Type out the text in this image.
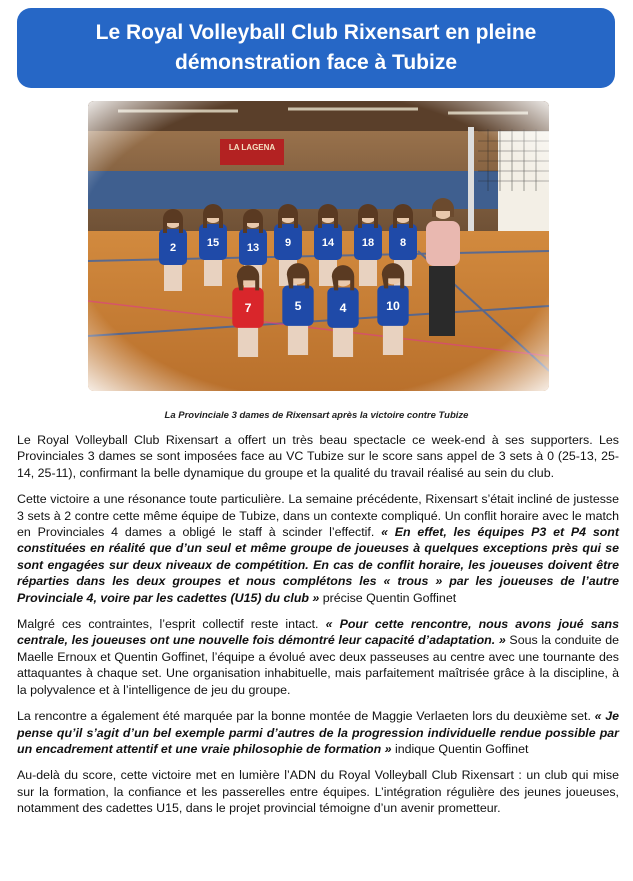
Le Royal Volleyball Club Rixensart en pleine
démonstration face à Tubize
La Provinciale 3 dames de Rixensart après la victoire contre Tubize

Le Royal Volleyball Club Rixensart a offert un très beau spectacle ce week-end à ses supporters. Les Provinciales 3 dames se sont imposées face au VC Tubize sur le score sans appel de 3 sets à 0 (25-13, 25-14, 25-11), confirmant la belle dynamique du groupe et la qualité du travail réalisé au sein du club.

Cette victoire a une résonance toute particulière. La semaine précédente, Rixensart s’était incliné de justesse 3 sets à 2 contre cette même équipe de Tubize, dans un contexte compliqué. Un conflit horaire avec le match en Provinciales 4 dames a obligé le staff à scinder l’effectif. « En effet, les équipes P3 et P4 sont constituées en réalité que d’un seul et même groupe de joueuses à quelques exceptions près qui se sont engagées sur deux niveaux de compétition. En cas de conflit horaire, les joueuses doivent être réparties dans les deux groupes et nous complétons les « trous » par les joueuses de l’autre Provinciale 4, voire par les cadettes (U15) du club » précise Quentin Goffinet

Malgré ces contraintes, l’esprit collectif reste intact. « Pour cette rencontre, nous avons joué sans centrale, les joueuses ont une nouvelle fois démontré leur capacité d’adaptation. » Sous la conduite de Maelle Ernoux et Quentin Goffinet, l’équipe a évolué avec deux passeuses au centre avec une tournante des attaquantes à chaque set. Une organisation inhabituelle, mais parfaitement maîtrisée grâce à la discipline, à la polyvalence et à l’intelligence de jeu du groupe.

La rencontre a également été marquée par la bonne montée de Maggie Verlaeten lors du deuxième set. « Je pense qu’il s’agit d’un bel exemple parmi d’autres de la progression individuelle rendue possible par un encadrement attentif et une vraie philosophie de formation » indique Quentin Goffinet

Au-delà du score, cette victoire met en lumière l’ADN du Royal Volleyball Club Rixensart : un club qui mise sur la formation, la confiance et les passerelles entre équipes. L’intégration régulière des jeunes joueuses, notamment des cadettes U15, dans le projet provincial témoigne d’un avenir prometteur.
